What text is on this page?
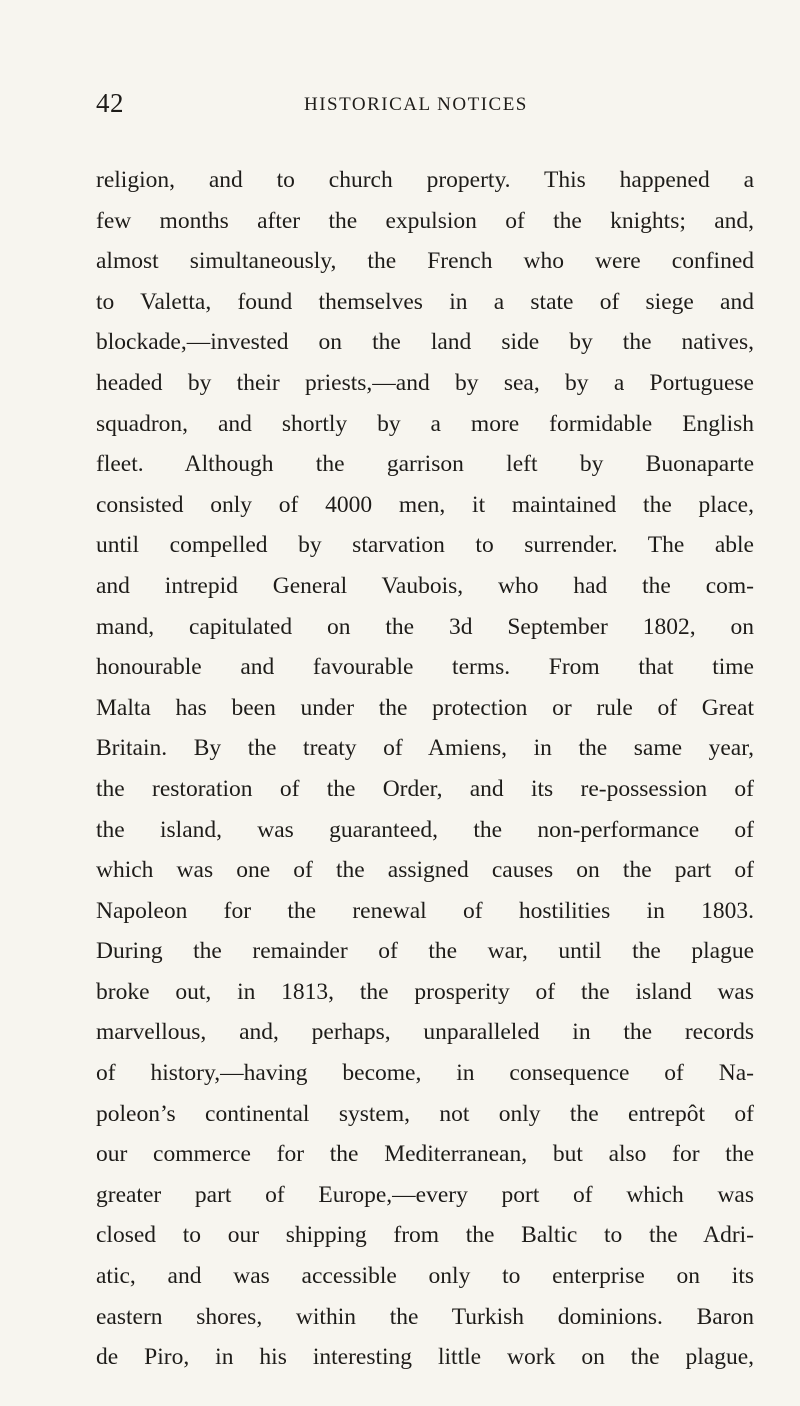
42	HISTORICAL NOTICES
religion, and to church property. This happened a
few months after the expulsion of the knights; and,
almost simultaneously, the French who were confined
to Valetta, found themselves in a state of siege and
blockade,—invested on the land side by the natives,
headed by their priests,—and by sea, by a Portuguese
squadron, and shortly by a more formidable English
fleet. Although the garrison left by Buonaparte
consisted only of 4000 men, it maintained the place,
until compelled by starvation to surrender. The able
and intrepid General Vaubois, who had the com-
mand, capitulated on the 3d September 1802, on
honourable and favourable terms. From that time
Malta has been under the protection or rule of Great
Britain. By the treaty of Amiens, in the same year,
the restoration of the Order, and its re-possession of
the island, was guaranteed, the non-performance of
which was one of the assigned causes on the part of
Napoleon for the renewal of hostilities in 1803.
During the remainder of the war, until the plague
broke out, in 1813, the prosperity of the island was
marvellous, and, perhaps, unparalleled in the records
of history,—having become, in consequence of Na-
poleon’s continental system, not only the entrepôt of
our commerce for the Mediterranean, but also for the
greater part of Europe,—every port of which was
closed to our shipping from the Baltic to the Adri-
atic, and was accessible only to enterprise on its
eastern shores, within the Turkish dominions. Baron
de Piro, in his interesting little work on the plague,
